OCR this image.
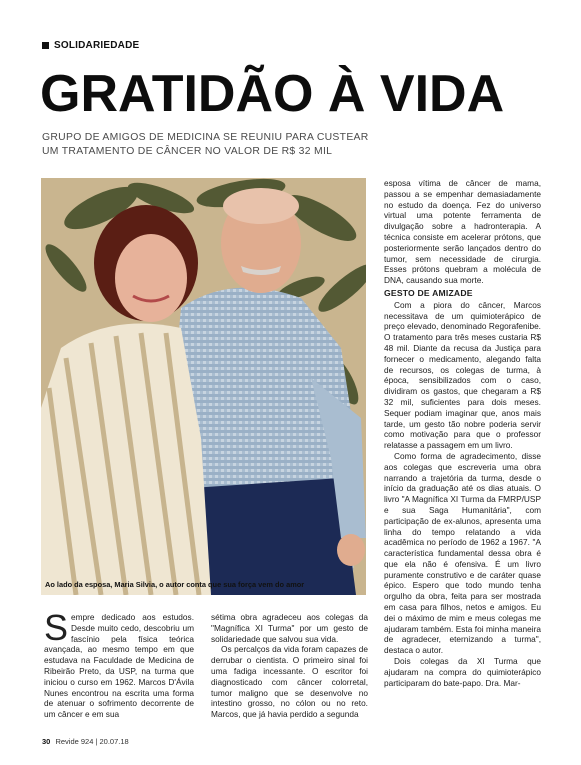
SOLIDARIEDADE
GRATIDÃO À VIDA
GRUPO DE AMIGOS DE MEDICINA SE REUNIU PARA CUSTEAR
UM TRATAMENTO DE CÂNCER NO VALOR DE R$ 32 MIL
Ao lado da esposa, Maria Silvia, o autor conta que sua força vem do amor

esposa vítima de câncer de mama, passou a se empenhar demasiadamente no estudo da doença. Fez do universo virtual uma potente ferramenta de divulgação sobre a hadronterapia. A técnica consiste em acelerar prótons, que posteriormente serão lançados dentro do tumor, sem necessidade de cirurgia. Esses prótons quebram a molécula de DNA, causando sua morte.

GESTO DE AMIZADE

Com a piora do câncer, Marcos necessitava de um quimioterápico de preço elevado, denominado Regorafenibe. O tratamento para três meses custaria R$ 48 mil. Diante da recusa da Justiça para fornecer o medicamento, alegando falta de recursos, os colegas de turma, à época, sensibilizados com o caso, dividiram os gastos, que chegaram a R$ 32 mil, suficientes para dois meses. Sequer podiam imaginar que, anos mais tarde, um gesto tão nobre poderia servir como motivação para que o professor relatasse a passagem em um livro.

Como forma de agradecimento, disse aos colegas que escreveria uma obra narrando a trajetória da turma, desde o início da graduação até os dias atuais. O livro "A Magnífica XI Turma da FMRP/USP e sua Saga Humanitária", com participação de ex-alunos, apresenta uma linha do tempo relatando a vida acadêmica no período de 1962 a 1967. "A característica fundamental dessa obra é que ela não é ofensiva. É um livro puramente construtivo e de caráter quase épico. Espero que todo mundo tenha orgulho da obra, feita para ser mostrada em casa para filhos, netos e amigos. Eu dei o máximo de mim e meus colegas me ajudaram também. Esta foi minha maneira de agradecer, eternizando a turma", destaca o autor.

Dois colegas da XI Turma que ajudaram na compra do quimioterápico participaram do bate-papo. Dra. Mar-

S empre dedicado aos estudos. Desde muito cedo, descobriu um fascínio pela física teórica avançada, ao mesmo tempo em que estudava na Faculdade de Medicina de Ribeirão Preto, da USP, na turma que iniciou o curso em 1962. Marcos D'Ávila Nunes encontrou na escrita uma forma de atenuar o sofrimento decorrente de um câncer e em sua

sétima obra agradeceu aos colegas da "Magnífica XI Turma" por um gesto de solidariedade que salvou sua vida.

Os percalços da vida foram capazes de derrubar o cientista. O primeiro sinal foi uma fadiga incessante. O escritor foi diagnosticado com câncer colorretal, tumor maligno que se desenvolve no intestino grosso, no cólon ou no reto. Marcos, que já havia perdido a segunda

30 Revide 924 | 20.07.18
